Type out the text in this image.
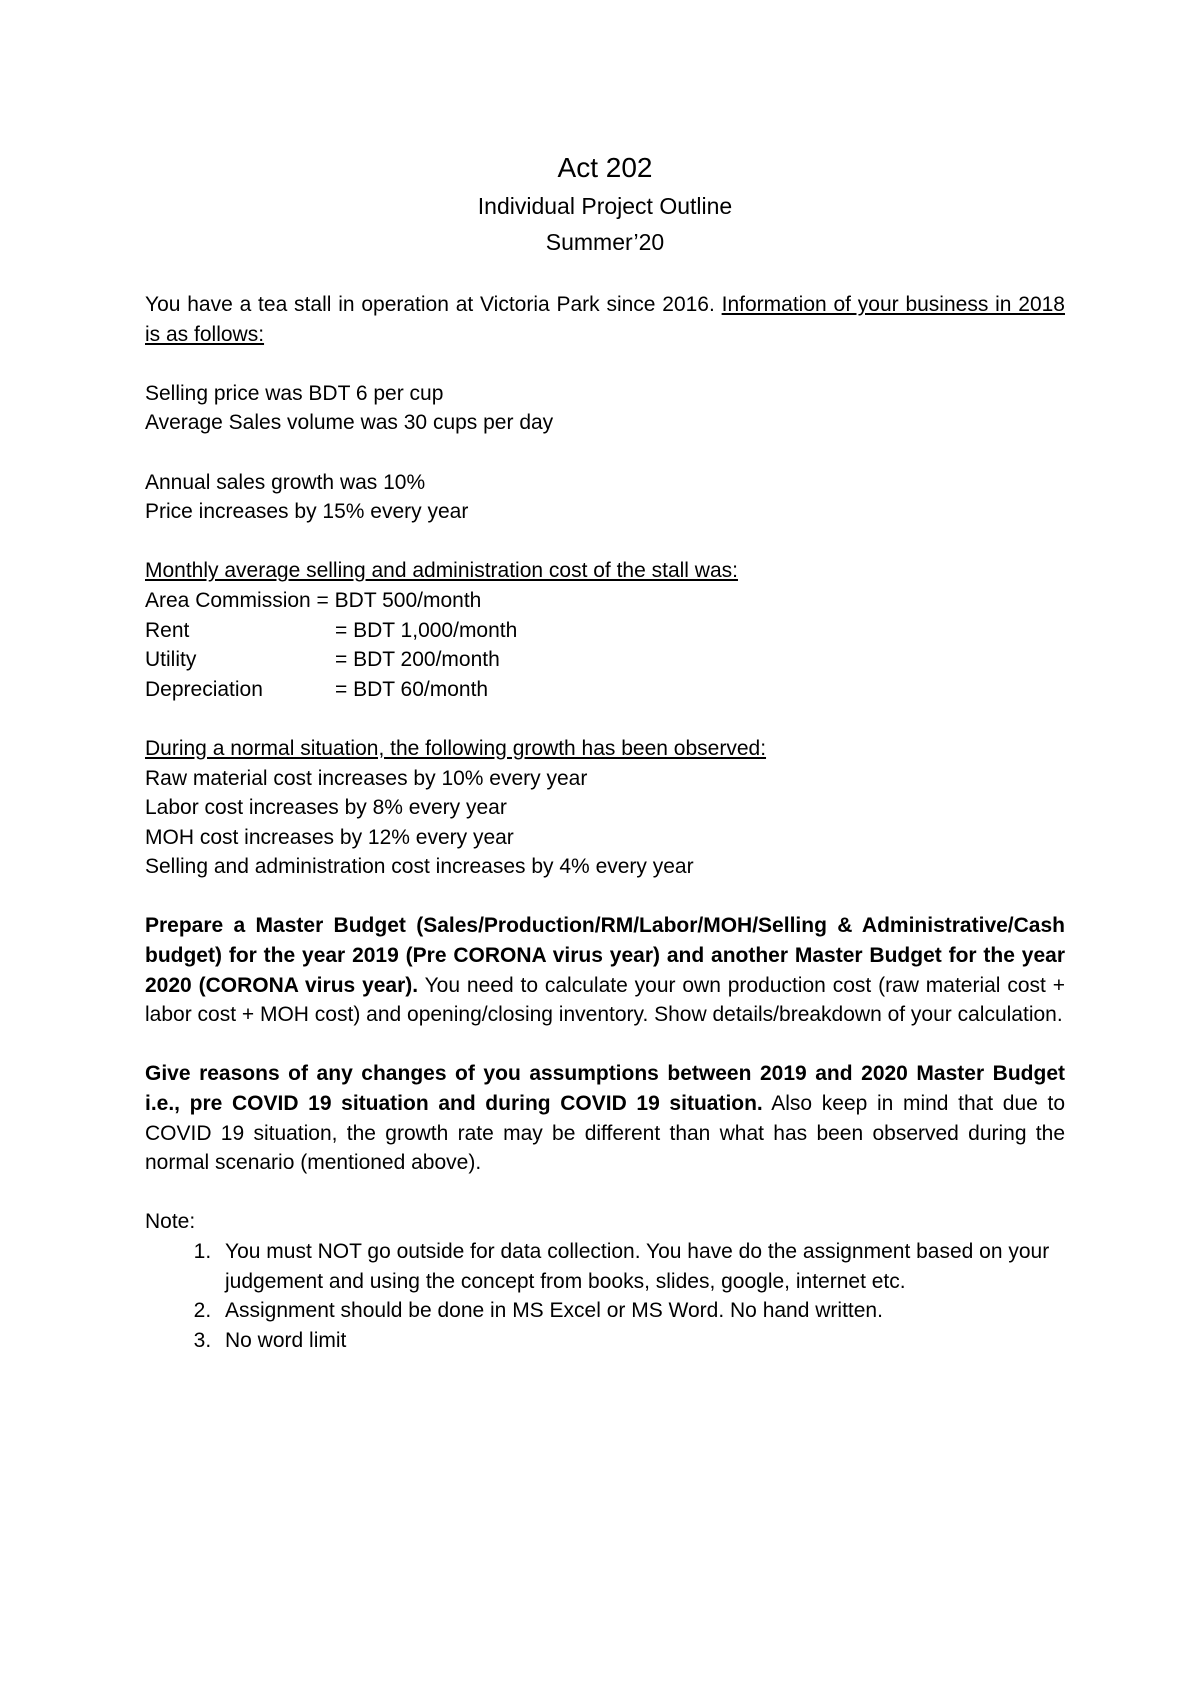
Act 202
Individual Project Outline
Summer’20

You have a tea stall in operation at Victoria Park since 2016. Information of your business in 2018 is as follows:

Selling price was BDT 6 per cup

Average Sales volume was 30 cups per day

Annual sales growth was 10%

Price increases by 15% every year

Monthly average selling and administration cost of the stall was:

Area Commission = BDT 500/month

Rent	= BDT 1,000/month
Utility	= BDT 200/month
Depreciation	= BDT 60/month

During a normal situation, the following growth has been observed:

Raw material cost increases by 10% every year

Labor cost increases by 8% every year

MOH cost increases by 12% every year

Selling and administration cost increases by 4% every year

Prepare a Master Budget (Sales/Production/RM/Labor/MOH/Selling & Administrative/Cash budget) for the year 2019 (Pre CORONA virus year) and another Master Budget for the year 2020 (CORONA virus year). You need to calculate your own production cost (raw material cost + labor cost + MOH cost) and opening/closing inventory. Show details/breakdown of your calculation.

Give reasons of any changes of you assumptions between 2019 and 2020 Master Budget i.e., pre COVID 19 situation and during COVID 19 situation. Also keep in mind that due to COVID 19 situation, the growth rate may be different than what has been observed during the normal scenario (mentioned above).

Note:

1. You must NOT go outside for data collection. You have do the assignment based on your judgement and using the concept from books, slides, google, internet etc.
2. Assignment should be done in MS Excel or MS Word. No hand written.
3. No word limit
